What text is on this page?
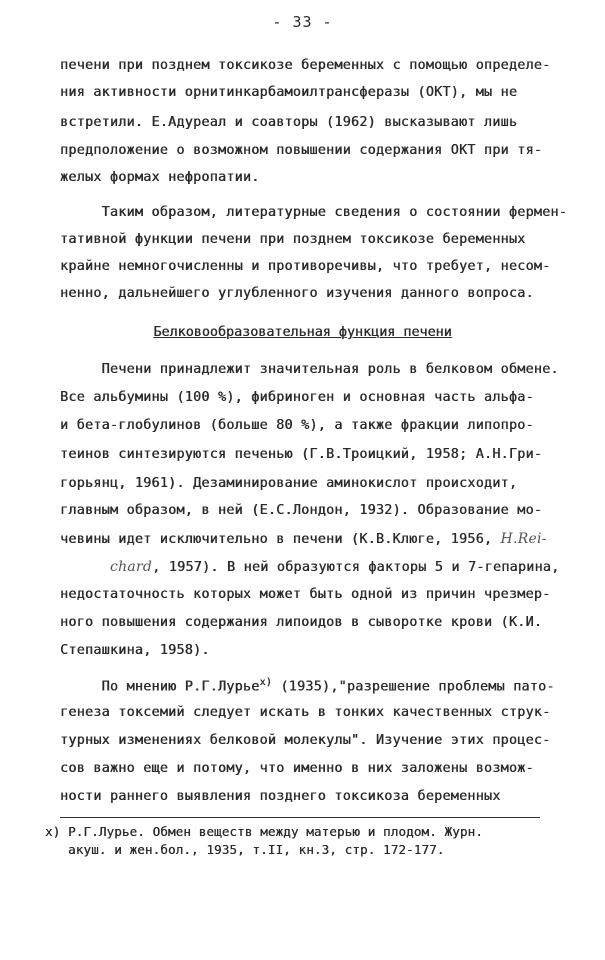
- 33 -
печени при позднем токсикозе беременных с помощью определе-
ния активности орнитинкарбамоилтрансферазы (ОКТ), мы не
встретили. Е.Адуреал и соавторы (1962) высказывают лишь
предположение о возможном повышении содержания ОКТ при тя-
желых формах нефропатии.
Таким образом, литературные сведения о состоянии фермен-
тативной функции печени при позднем токсикозе беременных
крайне немногочисленны и противоречивы, что требует, несом-
ненно, дальнейшего углубленного изучения данного вопроса.
Белковообразовательная функция печени
Печени принадлежит значительная роль в белковом обмене.
Все альбумины (100 %), фибриноген и основная часть альфа-
и бета-глобулинов (больше 80 %), а также фракции липопро-
теинов синтезируются печенью (Г.В.Троицкий, 1958; А.Н.Гри-
горьянц, 1961). Дезаминирование аминокислот происходит,
главным образом, в ней (Е.С.Лондон, 1932). Образование мо-
чевины идет исключительно в печени (К.В.Клюге, 1956, H.Rei-
chard, 1957). В ней образуются факторы 5 и 7-гепарина,
недостаточность которых может быть одной из причин чрезмер-
ного повышения содержания липоидов в сыворотке крови (К.И.
Степашкина, 1958).
По мнению Р.Г.Лурье$^{х)}$ (1935),"разрешение проблемы пато-
генеза токсемий следует искать в тонких качественных струк-
турных изменениях белковой молекулы". Изучение этих процес-
сов важно еще и потому, что именно в них заложены возмож-
ности раннего выявления позднего токсикоза беременных
х) Р.Г.Лурье. Обмен веществ между матерью и плодом. Журн.
акуш. и жен.бол., 1935, т.II, кн.3, стр. 172-177.
